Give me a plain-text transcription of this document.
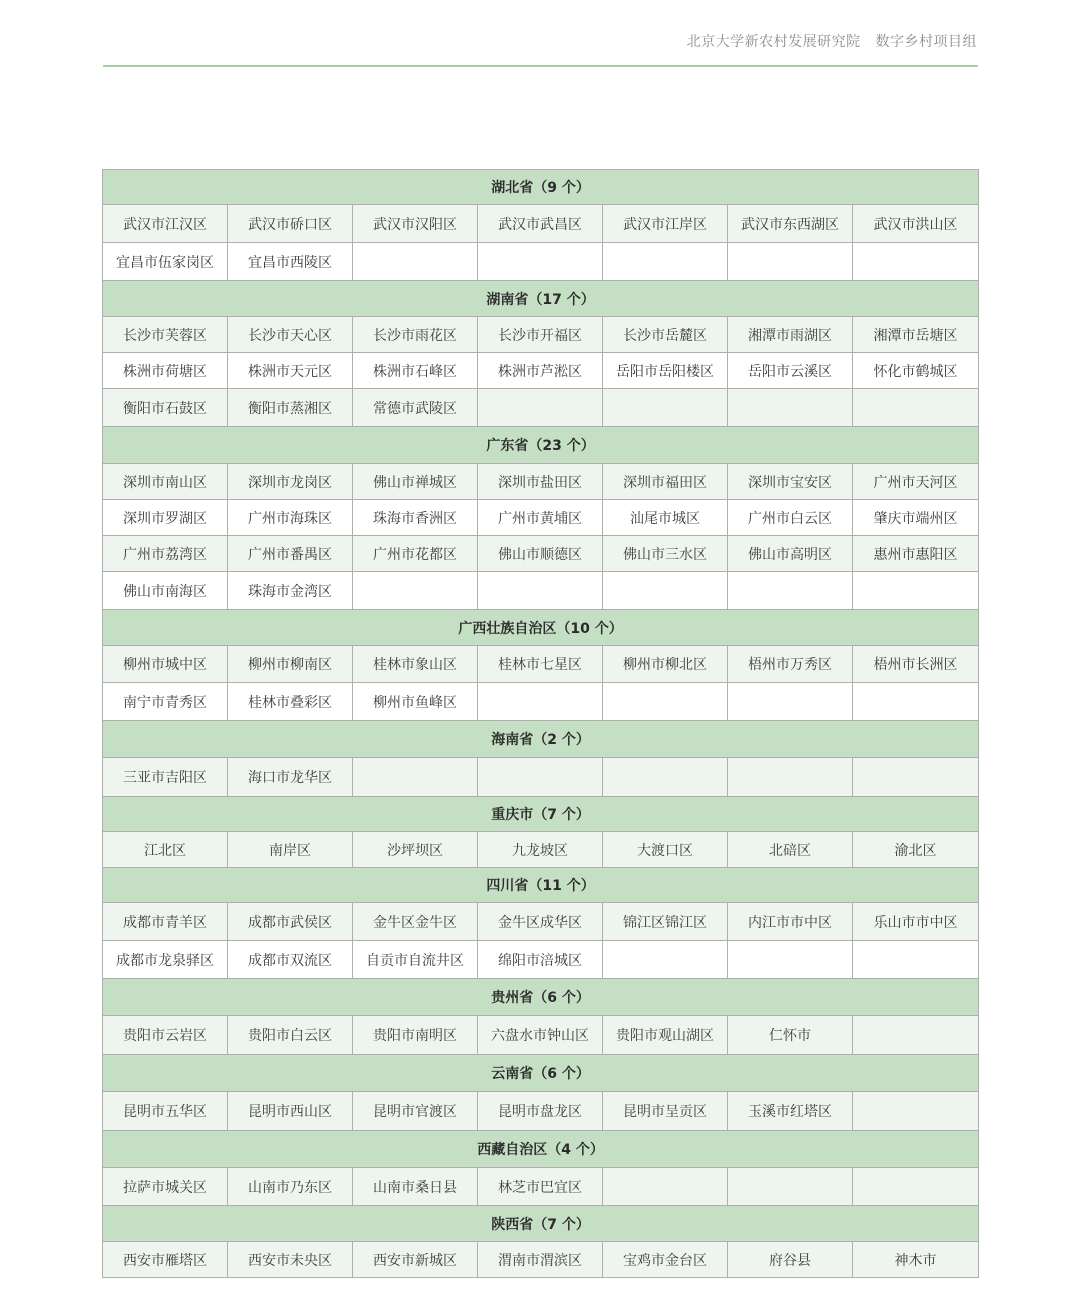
北京大学新农村发展研究院 数字乡村项目组
湖北省（9 个）						
武汉市江汉区	武汉市硚口区	武汉市汉阳区	武汉市武昌区	武汉市江岸区	武汉市东西湖区	武汉市洪山区
宜昌市伍家岗区	宜昌市西陵区					
湖南省（17 个）						
长沙市芙蓉区	长沙市天心区	长沙市雨花区	长沙市开福区	长沙市岳麓区	湘潭市雨湖区	湘潭市岳塘区
株洲市荷塘区	株洲市天元区	株洲市石峰区	株洲市芦淞区	岳阳市岳阳楼区	岳阳市云溪区	怀化市鹤城区
衡阳市石鼓区	衡阳市蒸湘区	常德市武陵区				
广东省（23 个）						
深圳市南山区	深圳市龙岗区	佛山市禅城区	深圳市盐田区	深圳市福田区	深圳市宝安区	广州市天河区
深圳市罗湖区	广州市海珠区	珠海市香洲区	广州市黄埔区	汕尾市城区	广州市白云区	肇庆市端州区
广州市荔湾区	广州市番禺区	广州市花都区	佛山市顺德区	佛山市三水区	佛山市高明区	惠州市惠阳区
佛山市南海区	珠海市金湾区					
广西壮族自治区（10 个）						
柳州市城中区	柳州市柳南区	桂林市象山区	桂林市七星区	柳州市柳北区	梧州市万秀区	梧州市长洲区
南宁市青秀区	桂林市叠彩区	柳州市鱼峰区				
海南省（2 个）						
三亚市吉阳区	海口市龙华区					
重庆市（7 个）						
江北区	南岸区	沙坪坝区	九龙坡区	大渡口区	北碚区	渝北区
四川省（11 个）						
成都市青羊区	成都市武侯区	金牛区金牛区	金牛区成华区	锦江区锦江区	内江市市中区	乐山市市中区
成都市龙泉驿区	成都市双流区	自贡市自流井区	绵阳市涪城区			
贵州省（6 个）						
贵阳市云岩区	贵阳市白云区	贵阳市南明区	六盘水市钟山区	贵阳市观山湖区	仁怀市	
云南省（6 个）						
昆明市五华区	昆明市西山区	昆明市官渡区	昆明市盘龙区	昆明市呈贡区	玉溪市红塔区	
西藏自治区（4 个）						
拉萨市城关区	山南市乃东区	山南市桑日县	林芝市巴宜区			
陕西省（7 个）						
西安市雁塔区	西安市未央区	西安市新城区	渭南市渭滨区	宝鸡市金台区	府谷县	神木市
